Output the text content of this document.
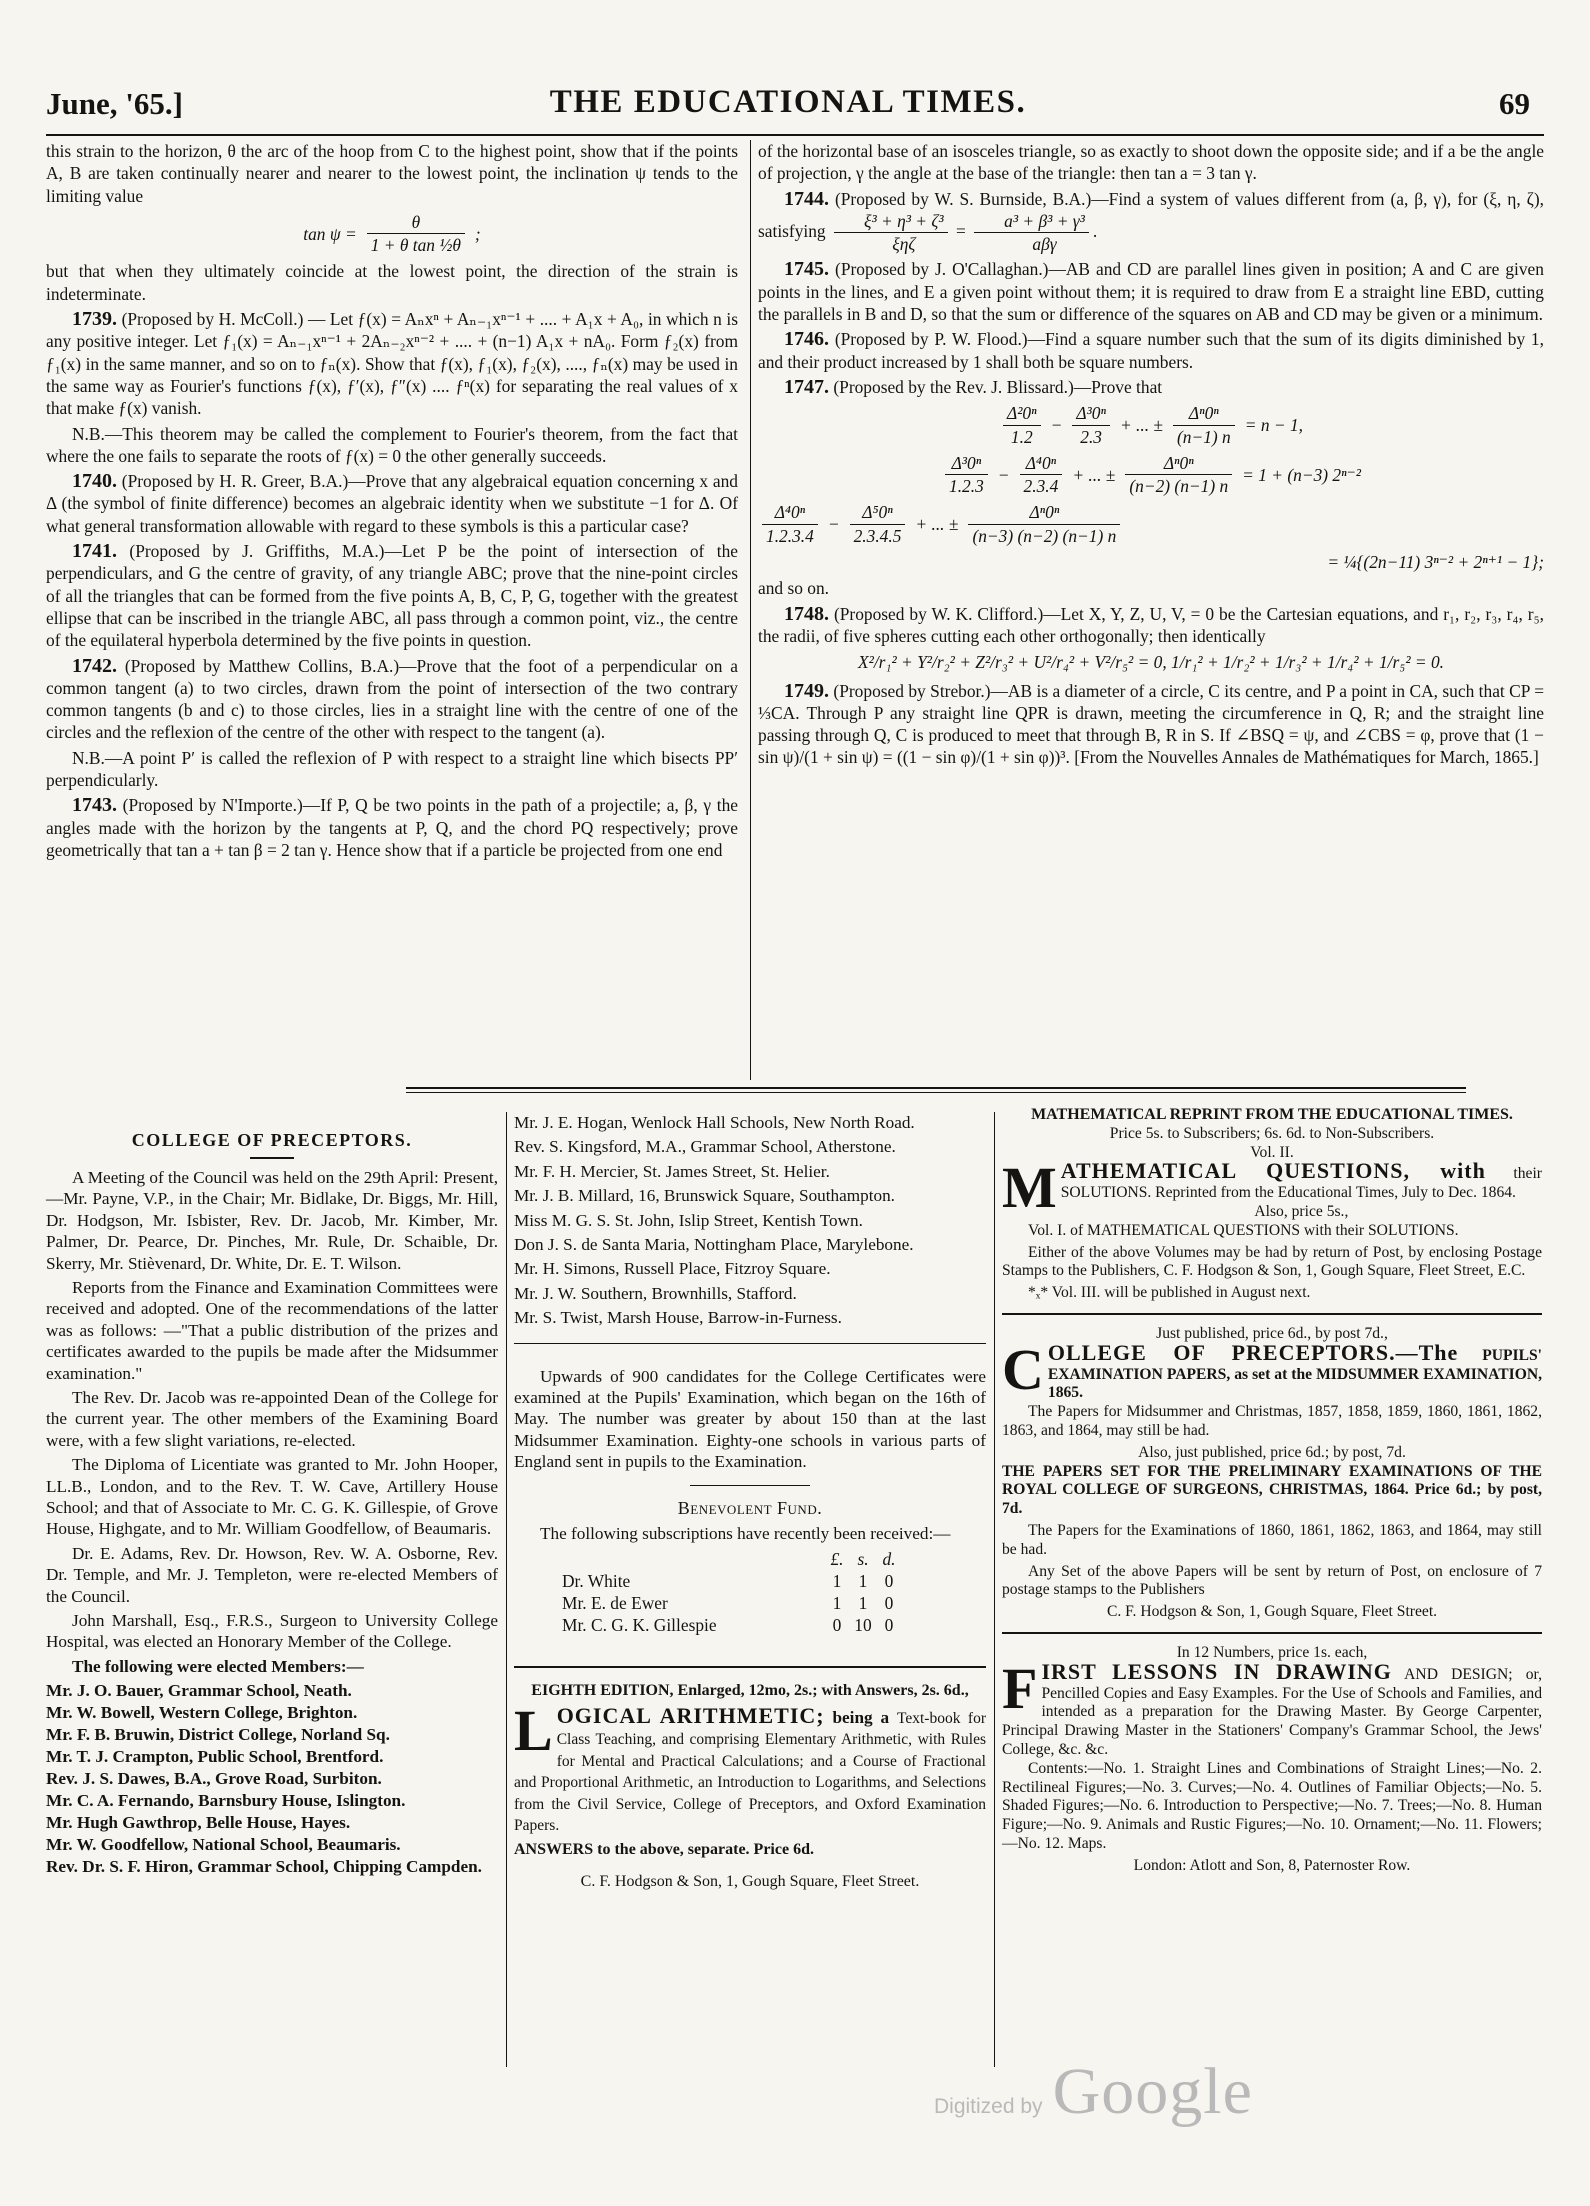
June, '65.]	THE EDUCATIONAL TIMES.	69

this strain to the horizon, θ the arc of the hoop from C to the highest point, show that if the points A, B are taken continually nearer and nearer to the lowest point, the inclination ψ tends to the limiting value

$\tan \psi = \frac{\theta}{\text{1 + θ tan ½θ}}$ ;

but that when they ultimately coincide at the lowest point, the direction of the strain is indeterminate.

1739. (Proposed by H. McColl.) — Let ƒ(x) = Aₙxⁿ + Aₙ₋₁xⁿ⁻¹ + .... + A₁x + A₀, in which n is any positive integer. Let ƒ₁(x) = Aₙ₋₁xⁿ⁻¹ + 2Aₙ₋₂xⁿ⁻² + .... + (n−1) A₁x + nA₀. Form ƒ₂(x) from ƒ₁(x) in the same manner, and so on to ƒₙ(x). Show that ƒ(x), ƒ₁(x), ƒ₂(x), ...., ƒₙ(x) may be used in the same way as Fourier's functions ƒ(x), ƒ′(x), ƒ″(x) .... ƒⁿ(x) for separating the real values of x that make ƒ(x) vanish.

N.B.—This theorem may be called the complement to Fourier's theorem, from the fact that where the one fails to separate the roots of ƒ(x) = 0 the other generally succeeds.

1740. (Proposed by H. R. Greer, B.A.)—Prove that any algebraical equation concerning x and Δ (the symbol of finite difference) becomes an algebraic identity when we substitute −1 for Δ. Of what general transformation allowable with regard to these symbols is this a particular case?

1741. (Proposed by J. Griffiths, M.A.)—Let P be the point of intersection of the perpendiculars, and G the centre of gravity, of any triangle ABC; prove that the nine-point circles of all the triangles that can be formed from the five points A, B, C, P, G, together with the greatest ellipse that can be inscribed in the triangle ABC, all pass through a common point, viz., the centre of the equilateral hyperbola determined by the five points in question.

1742. (Proposed by Matthew Collins, B.A.)—Prove that the foot of a perpendicular on a common tangent (a) to two circles, drawn from the point of intersection of the two contrary common tangents (b and c) to those circles, lies in a straight line with the centre of one of the circles and the reflexion of the centre of the other with respect to the tangent (a).

N.B.—A point P′ is called the reflexion of P with respect to a straight line which bisects PP′ perpendicularly.

1743. (Proposed by N'Importe.)—If P, Q be two points in the path of a projectile; a, β, γ the angles made with the horizon by the tangents at P, Q, and the chord PQ respectively; prove geometrically that tan a + tan β = 2 tan γ. Hence show that if a particle be projected from one end

of the horizontal base of an isosceles triangle, so as exactly to shoot down the opposite side; and if a be the angle of projection, γ the angle at the base of the triangle: then tan a = 3 tan γ.

1744. (Proposed by W. S. Burnside, B.A.)—Find a system of values different from (a, β, γ), for (ξ, η, ζ), satisfying $\frac{\text{ξ³ + η³ + ζ³}}{\text{ξηζ}} = \frac{\text{a³ + β³ + γ³}}{\text{aβγ}}$ .

1745. (Proposed by J. O'Callaghan.)—AB and CD are parallel lines given in position; A and C are given points in the lines, and E a given point without them; it is required to draw from E a straight line EBD, cutting the parallels in B and D, so that the sum or difference of the squares on AB and CD may be given or a minimum.

1746. (Proposed by P. W. Flood.)—Find a square number such that the sum of its digits diminished by 1, and their product increased by 1 shall both be square numbers.

1747. (Proposed by the Rev. J. Blissard.)—Prove that

$\frac{\text{Δ²0ⁿ}}{1.2} - \frac{\text{Δ³0ⁿ}}{2.3}$ + ... ± $\frac{\text{Δⁿ0ⁿ}}{(n-1) n} = n - 1$,
$\frac{\text{Δ³0ⁿ}}{1.2.3} - \frac{\text{Δ⁴0ⁿ}}{2.3.4}$ + ... ± $\frac{\text{Δⁿ0ⁿ}}{(n-2) (n-1) n} = 1 + (n-3)$ 2ⁿ⁻²
$\frac{\text{Δ⁴0ⁿ}}{1.2.3.4} - \frac{\text{Δ⁵0ⁿ}}{2.3.4.5}$ + ... ± $\frac{\text{Δⁿ0ⁿ}}{(n-3) (n-2) (n-1) n}$
= ¼{(2n−11) 3ⁿ⁻² + 2ⁿ⁺¹ − 1};

and so on.

1748. (Proposed by W. K. Clifford.)—Let X, Y, Z, U, V, = 0 be the Cartesian equations, and r₁, r₂, r₃, r₄, r₅, the radii, of five spheres cutting each other orthogonally; then identically

X²/r₁² + Y²/r₂² + Z²/r₃² + U²/r₄² + V²/r₅² = 0, 1/r₁² + 1/r₂² + 1/r₃² + 1/r₄² + 1/r₅² = 0.

1749. (Proposed by Strebor.)—AB is a diameter of a circle, C its centre, and P a point in CA, such that CP = ⅓CA. Through P any straight line QPR is drawn, meeting the circumference in Q, R; and the straight line passing through Q, C is produced to meet that through B, R in S. If ∠BSQ = ψ, and ∠CBS = φ, prove that (1 − sin ψ)/(1 + sin ψ) = ((1 − sin φ)/(1 + sin φ))³. [From the Nouvelles Annales de Mathématiques for March, 1865.]

COLLEGE OF PRECEPTORS.

A Meeting of the Council was held on the 29th April: Present,—Mr. Payne, V.P., in the Chair; Mr. Bidlake, Dr. Biggs, Mr. Hill, Dr. Hodgson, Mr. Isbister, Rev. Dr. Jacob, Mr. Kimber, Mr. Palmer, Dr. Pearce, Dr. Pinches, Mr. Rule, Dr. Schaible, Dr. Skerry, Mr. Stièvenard, Dr. White, Dr. E. T. Wilson.

Reports from the Finance and Examination Committees were received and adopted. One of the recommendations of the latter was as follows: —"That a public distribution of the prizes and certificates awarded to the pupils be made after the Midsummer examination."

The Rev. Dr. Jacob was re-appointed Dean of the College for the current year. The other members of the Examining Board were, with a few slight variations, re-elected.

The Diploma of Licentiate was granted to Mr. John Hooper, LL.B., London, and to the Rev. T. W. Cave, Artillery House School; and that of Associate to Mr. C. G. K. Gillespie, of Grove House, Highgate, and to Mr. William Goodfellow, of Beaumaris.

Dr. E. Adams, Rev. Dr. Howson, Rev. W. A. Osborne, Rev. Dr. Temple, and Mr. J. Templeton, were re-elected Members of the Council.

John Marshall, Esq., F.R.S., Surgeon to University College Hospital, was elected an Honorary Member of the College.

The following were elected Members:—

Mr. J. O. Bauer, Grammar School, Neath.
Mr. W. Bowell, Western College, Brighton.
Mr. F. B. Bruwin, District College, Norland Sq.
Mr. T. J. Crampton, Public School, Brentford.
Rev. J. S. Dawes, B.A., Grove Road, Surbiton.
Mr. C. A. Fernando, Barnsbury House, Islington.
Mr. Hugh Gawthrop, Belle House, Hayes.
Mr. W. Goodfellow, National School, Beaumaris.
Rev. Dr. S. F. Hiron, Grammar School, Chipping Campden.

Mr. J. E. Hogan, Wenlock Hall Schools, New North Road.

Rev. S. Kingsford, M.A., Grammar School, Atherstone.

Mr. F. H. Mercier, St. James Street, St. Helier.

Mr. J. B. Millard, 16, Brunswick Square, Southampton.

Miss M. G. S. St. John, Islip Street, Kentish Town.

Don J. S. de Santa Maria, Nottingham Place, Marylebone.

Mr. H. Simons, Russell Place, Fitzroy Square.

Mr. J. W. Southern, Brownhills, Stafford.

Mr. S. Twist, Marsh House, Barrow-in-Furness.

Upwards of 900 candidates for the College Certificates were examined at the Pupils' Examination, which began on the 16th of May. The number was greater by about 150 than at the last Midsummer Examination. Eighty-one schools in various parts of England sent in pupils to the Examination.

Benevolent Fund.

The following subscriptions have recently been received:—

	£.	s.	d.
Dr. White	1	1	0
Mr. E. de Ewer	1	1	0
Mr. C. G. K. Gillespie	0	10	0
EIGHTH EDITION, Enlarged, 12mo, 2s.; with Answers, 2s. 6d.,
L OGICAL ARITHMETIC; being a Text-book for Class Teaching, and comprising Elementary Arithmetic, with Rules for Mental and Practical Calculations; and a Course of Fractional and Proportional Arithmetic, an Introduction to Logarithms, and Selections from the Civil Service, College of Preceptors, and Oxford Examination Papers.

ANSWERS to the above, separate. Price 6d.

C. F. Hodgson & Son, 1, Gough Square, Fleet Street.

MATHEMATICAL REPRINT FROM THE EDUCATIONAL TIMES.
Price 5s. to Subscribers; 6s. 6d. to Non-Subscribers.
Vol. II.
M ATHEMATICAL QUESTIONS, with their SOLUTIONS. Reprinted from the Educational Times, July to Dec. 1864.
Also, price 5s.,

Vol. I. of MATHEMATICAL QUESTIONS with their SOLUTIONS.

Either of the above Volumes may be had by return of Post, by enclosing Postage Stamps to the Publishers, C. F. Hodgson & Son, 1, Gough Square, Fleet Street, E.C.

*ₓ* Vol. III. will be published in August next.

Just published, price 6d., by post 7d.,
C OLLEGE OF PRECEPTORS.—The PUPILS' EXAMINATION PAPERS, as set at the MIDSUMMER EXAMINATION, 1865.

The Papers for Midsummer and Christmas, 1857, 1858, 1859, 1860, 1861, 1862, 1863, and 1864, may still be had.

Also, just published, price 6d.; by post, 7d.

THE PAPERS SET FOR THE PRELIMINARY EXAMINATIONS OF THE ROYAL COLLEGE OF SURGEONS, CHRISTMAS, 1864. Price 6d.; by post, 7d.

The Papers for the Examinations of 1860, 1861, 1862, 1863, and 1864, may still be had.

Any Set of the above Papers will be sent by return of Post, on enclosure of 7 postage stamps to the Publishers

C. F. Hodgson & Son, 1, Gough Square, Fleet Street.

In 12 Numbers, price 1s. each,
F IRST LESSONS IN DRAWING AND DESIGN; or, Pencilled Copies and Easy Examples. For the Use of Schools and Families, and intended as a preparation for the Drawing Master. By George Carpenter, Principal Drawing Master in the Stationers' Company's Grammar School, the Jews' College, &c. &c.

Contents:—No. 1. Straight Lines and Combinations of Straight Lines;—No. 2. Rectilineal Figures;—No. 3. Curves;—No. 4. Outlines of Familiar Objects;—No. 5. Shaded Figures;—No. 6. Introduction to Perspective;—No. 7. Trees;—No. 8. Human Figure;—No. 9. Animals and Rustic Figures;—No. 10. Ornament;—No. 11. Flowers;—No. 12. Maps.

London: Atlott and Son, 8, Paternoster Row.

Digitized by Google
